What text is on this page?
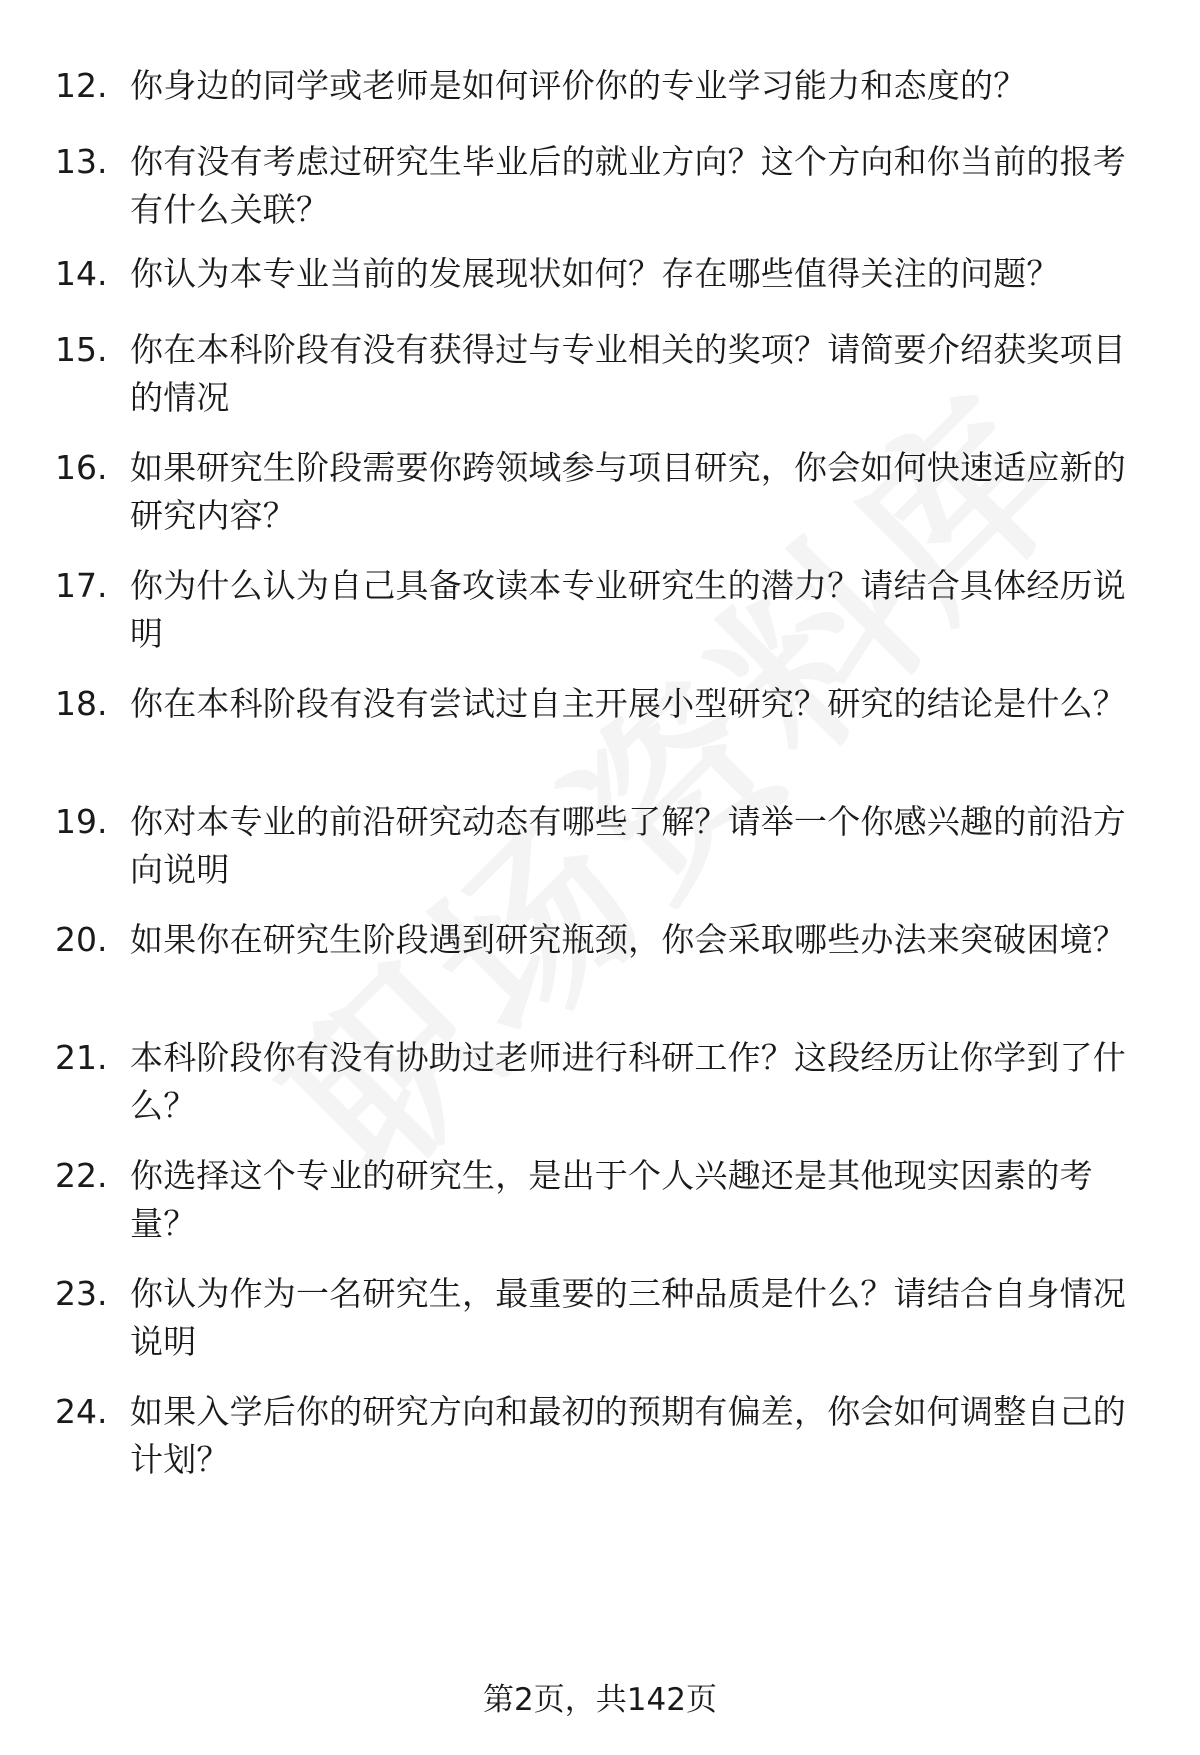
12. 你身边的同学或老师是如何评价你的专业学习能力和态度的？
13. 你有没有考虑过研究生毕业后的就业方向？这个方向和你当前的报考有什么关联？
14. 你认为本专业当前的发展现状如何？存在哪些值得关注的问题？
15. 你在本科阶段有没有获得过与专业相关的奖项？请简要介绍获奖项目的情况
16. 如果研究生阶段需要你跨领域参与项目研究，你会如何快速适应新的研究内容？
17. 你为什么认为自己具备攻读本专业研究生的潜力？请结合具体经历说明
18. 你在本科阶段有没有尝试过自主开展小型研究？研究的结论是什么？
19. 你对本专业的前沿研究动态有哪些了解？请举一个你感兴趣的前沿方向说明
20. 如果你在研究生阶段遇到研究瓶颈，你会采取哪些办法来突破困境？
21. 本科阶段你有没有协助过老师进行科研工作？这段经历让你学到了什么？
22. 你选择这个专业的研究生，是出于个人兴趣还是其他现实因素的考量？
23. 你认为作为一名研究生，最重要的三种品质是什么？请结合自身情况说明
24. 如果入学后你的研究方向和最初的预期有偏差，你会如何调整自己的计划？
第2页，共142页
